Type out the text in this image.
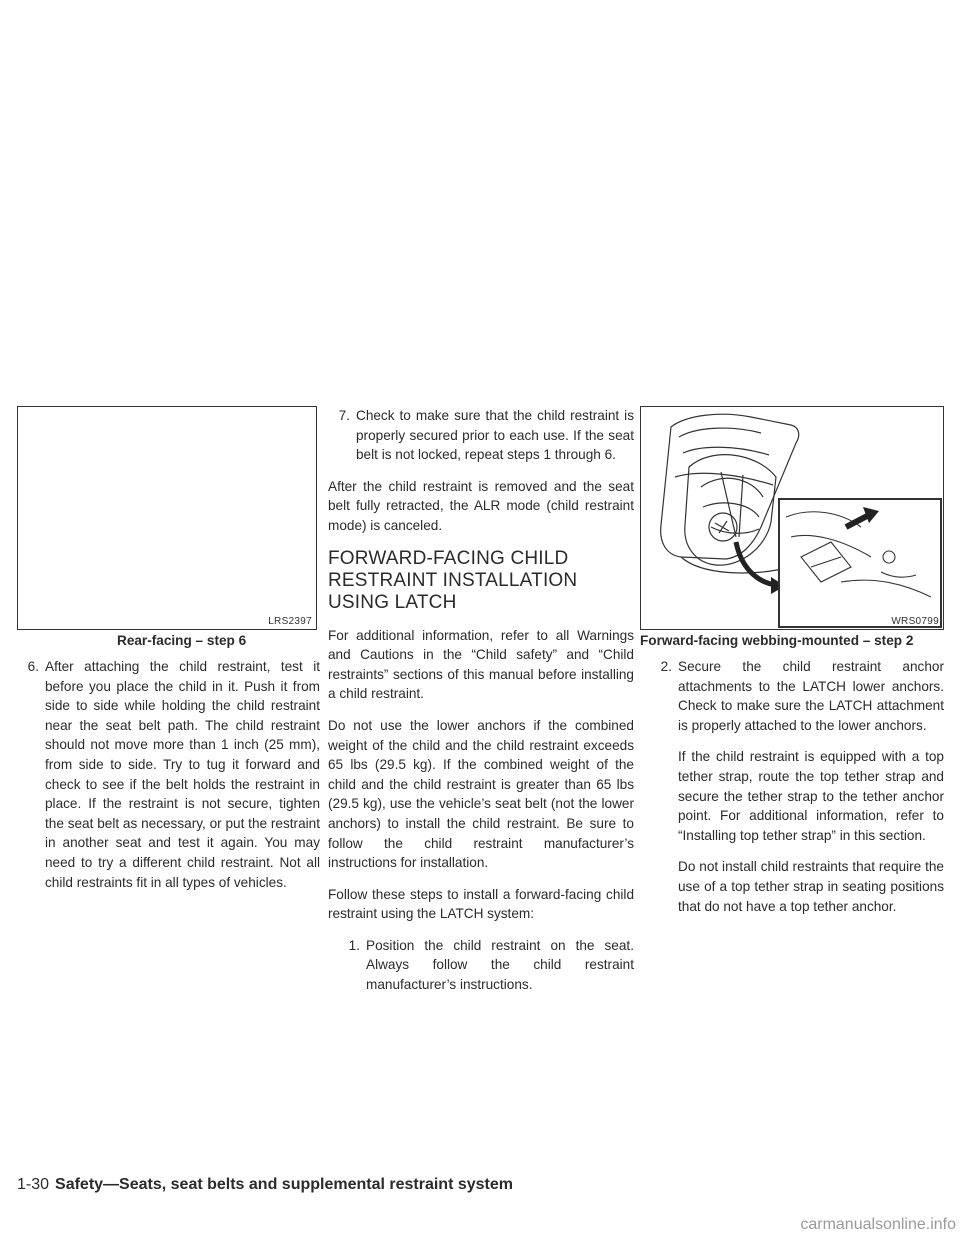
LRS2397
Rear-facing – step 6
6. After attaching the child restraint, test it before you place the child in it. Push it from side to side while holding the child restraint near the seat belt path. The child restraint should not move more than 1 inch (25 mm), from side to side. Try to tug it forward and check to see if the belt holds the restraint in place. If the restraint is not secure, tighten the seat belt as necessary, or put the restraint in another seat and test it again. You may need to try a different child restraint. Not all child restraints fit in all types of vehicles.
7. Check to make sure that the child restraint is properly secured prior to each use. If the seat belt is not locked, repeat steps 1 through 6.

After the child restraint is removed and the seat belt fully retracted, the ALR mode (child restraint mode) is canceled.

FORWARD-FACING CHILD RESTRAINT INSTALLATION USING LATCH

For additional information, refer to all Warnings and Cautions in the “Child safety” and “Child restraints” sections of this manual before installing a child restraint.

Do not use the lower anchors if the combined weight of the child and the child restraint exceeds 65 lbs (29.5 kg). If the combined weight of the child and the child restraint is greater than 65 lbs (29.5 kg), use the vehicle’s seat belt (not the lower anchors) to install the child restraint. Be sure to follow the child restraint manufacturer’s instructions for installation.

Follow these steps to install a forward-facing child restraint using the LATCH system:

1. Position the child restraint on the seat. Always follow the child restraint manufacturer’s instructions.
WRS0799
Forward-facing webbing-mounted – step 2
2. Secure the child restraint anchor attachments to the LATCH lower anchors. Check to make sure the LATCH attachment is properly attached to the lower anchors.

If the child restraint is equipped with a top tether strap, route the top tether strap and secure the tether strap to the tether anchor point. For additional information, refer to “Installing top tether strap” in this section.

Do not install child restraints that require the use of a top tether strap in seating positions that do not have a top tether anchor.

1-30 Safety—Seats, seat belts and supplemental restraint system
carmanualsonline.info
